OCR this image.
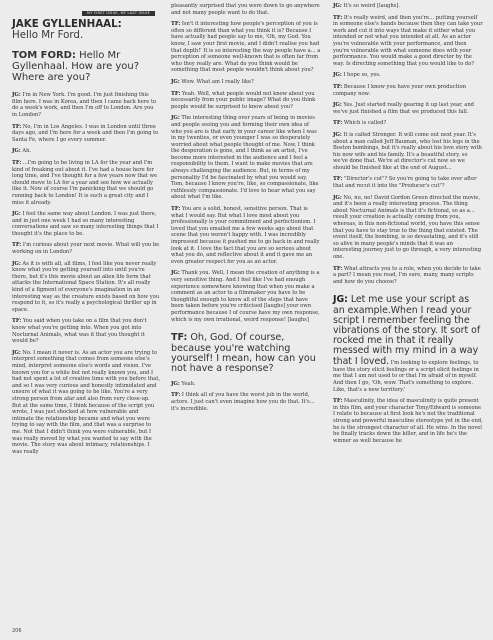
MY FIRST ISSUE, MY LAST ISSUE
JAKE GYLLENHAAL:
Hello Mr Ford.
TOM FORD: Hello Mr Gyllenhaal. How are you? Where are you?
JG: I'm in New York. I'm good. I'm just finishing this film here. I was in Korea, and then I came back here to do a week's work, and then I'm off to London. Are you in London?
TF: No, I'm in Los Angeles. I was in London until three days ago, and I'm here for a week and then I'm going to Santa Fe, where I go every summer.
JG: Ah.
TF: ...I'm going to be living in LA for the year and I'm kind of freaking out about it. I've had a house here for long time, and I've thought for a few years now that we should move to LA for a year and see how we actually like it. Now of course I'm panicking that we should go running back to London! It is such a great city and I miss it already.
JG: I feel the same way about London. I was just there, and in just one week I had so many interesting conversations and saw so many interesting things that I thought it's the place to be.
TF: I'm curious about your next movie. What will you be working on in London?
JG: As it is with all, all films, I feel like you never really know what you're getting yourself into until you're there, but it's this movie about an alien life form that attacks the International Space Station. It's all really kind of a figment of everyone's imagination in an interesting way as the creature exists based on how you respond to it, so it's really a psychological thriller up in space.
TF: You said when you take on a film that you don't know what you're getting into. When you got into Nocturnal Animals, what was it that you thought it would be?
JG: No. I mean it never is. As an actor you are trying to interpret something that comes from someone else's mind, interpret someone else's words and vision. I've known you for a while but not really known you, and I had not spent a lot of creative time with you before that, and so I was very curious and honestly intimidated and unsure of what it was going to be like. You're a very strong person from afar and also from very close-up. But at the same time, I think because of the script you wrote, I was just shocked at how vulnerable and intimate the relationship became and what you were trying to say with the film, and that was a surprise to me. Not that I didn't think you were vulnerable, but I was really moved by what you wanted to say with the movie. The story was about intimacy, relationships. I was really
pleasantly surprised that you were down to go anywhere and not many people want to do that.
TF: Isn't it interesting how people's perception of you is often so different than what you think it is? Because I have actually had people say to me, 'Oh, my God. You know, I saw your first movie, and I didn't realise you had that depth!' It is so interesting the way people have a... a perception of someone well-known that is often far from who they really are. What do you think would be something that most people wouldn't think about you?
JG: Wow. What am I really like?
TF: Yeah. Well, what people would not know about you necessarily from your public image? What do you think people would be surprised to know about you?
JG: The interesting thing over years of being in movies and people seeing you and forming their own idea of who you are is that early in your career like when I was in my twenties, or even younger I was so desperately worried about what people thought of me. Now, I think the desperation is gone, and I think as an artist, I've become more interested in the audience and I feel a responsibility to them. I want to make movies that are always challenging the audience. But, in terms of my personality I'd be fascinated by what you would say, Tom, because I know you're, like, so compassionate, like ruthlessly compassionate. I'd love to hear what you say about what I'm like.
TF: You are a solid, honest, sensitive person. That is what I would say. But what I love most about you professionally is your commitment and perfectionism. I loved that you emailed me a few weeks ago about that scene that you weren't happy with. I was incredibly impressed because it pushed me to go back in and really look at it. I love the fact that you are so serious about what you do, and reflective about it and it gave me an even greater respect for you as an actor.
JG: Thank you. Well, I mean the creation of anything is a very sensitive thing. And I feel like I've had enough experience somewhere knowing that when you make a comment as an actor to a filmmaker you have to be thoughtful enough to know all of the steps that have been taken before you're criticised [laughs] your own performance because I of course have my own response, which is my own irrational, weird response! [laughs]
TF: Oh, God. Of course, because you're watching yourself! I mean, how can you not have a response?
JG: Yeah.
TF: I think all of you have the worst job in the world, actors. I just can't even imagine how you do that. It's... it's incredible.
JG: It's so weird [laughs].
TF: It's really weird, and then you're... putting yourself in someone else's hands because then they can take your work and cut it into ways that make it either what you intended or not what you intended at all. As an actor you're vulnerable with your performance, and then you're vulnerable with what someone does with your performance. You would make a good director by the way. Is directing something that you would like to do?
JG: I hope so, yes.
TF: Because I know you have your own production company now.
JG: Yes. Just started really gearing it up last year, and we've just finished a film that we produced this fall.
TF: Which is called?
JG: It is called Stronger. It will come out next year. It's about a man called Jeff Bauman, who lost his legs in the Boston bombings, but it's really about his love story with his now wife and his family. It's a beautiful story, so we've done that. We're at director's cut now so we should be finished like at the end of August...
TF: "Director's cut"? So you're going to take over after that and recut it into the "Producer's cut"?
JG: No, no, no! David Gordon Green directed the movie, and it's been a really interesting process. The thing about Nocturnal Animals is that it's fictional, so as a... result your creation is actually coming from you, whereas, in this non-fictional world, you have this sense that you have to stay true to the thing that existed. The event itself, the bombing, is so devastating, and it's still so alive in many people's minds that it was an interesting journey just to go through, a very interesting one.
TF: What attracts you to a role, when you decide to take a part? I mean you read, I'm sure, many, many scripts and how do you choose?
JG: Let me use your script as an example.When I read your script I remember feeling the vibrations of the story. It sort of rocked me in that it really messed with my mind in a way that I loved. I'm looking to explore feelings, to have the story elicit feelings or a script elicit feelings in me that I am not used to or that I'm afraid of in myself. And then I go, 'Oh, wow. That's something to explore. Like, that's a new territory.'
TF: Masculinity, the idea of masculinity is quite present in this film, and your character Tony/Edward is someone I relate to because at first look he's not the traditional strong and powerful masculine stereotype yet in the end, he is the strongest character of all. He wins. In the novel he finally tracks down the killer, and in life he's the winner as well because he
206
